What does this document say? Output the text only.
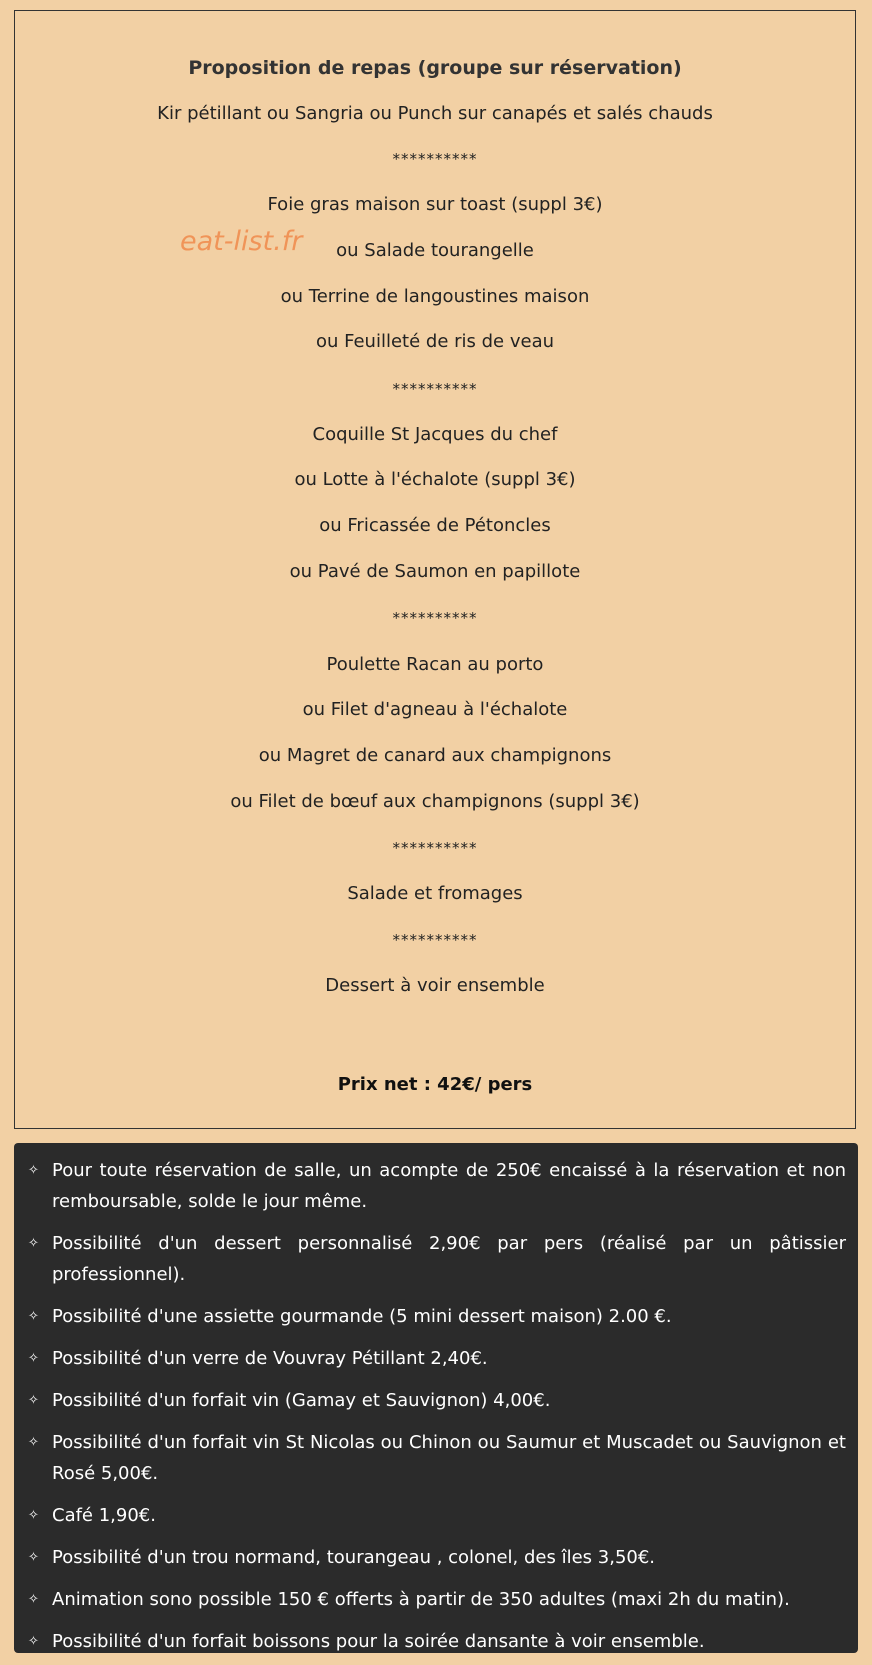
Proposition de repas (groupe sur réservation)
Kir pétillant ou Sangria ou Punch sur canapés et salés chauds
**********
Foie gras maison sur toast (suppl 3€)
ou Salade tourangelle
ou Terrine de langoustines maison
ou Feuilleté de ris de veau
**********
Coquille St Jacques du chef
ou Lotte à l'échalote (suppl 3€)
ou Fricassée de Pétoncles
ou Pavé de Saumon en papillote
**********
Poulette Racan au porto
ou Filet d'agneau à l'échalote
ou Magret de canard aux champignons
ou Filet de bœuf aux champignons (suppl 3€)
**********
Salade et fromages
**********
Dessert à voir ensemble
Prix net : 42€/ pers
eat-list.fr
✧ Pour toute réservation de salle, un acompte de 250€ encaissé à la réservation et non remboursable, solde le jour même.
✧ Possibilité d'un dessert personnalisé 2,90€ par pers (réalisé par un pâtissier professionnel).
✧ Possibilité d'une assiette gourmande (5 mini dessert maison) 2.00 €.
✧ Possibilité d'un verre de Vouvray Pétillant 2,40€.
✧ Possibilité d'un forfait vin (Gamay et Sauvignon) 4,00€.
✧ Possibilité d'un forfait vin St Nicolas ou Chinon ou Saumur et Muscadet ou Sauvignon et Rosé 5,00€.
✧ Café 1,90€.
✧ Possibilité d'un trou normand, tourangeau , colonel, des îles 3,50€.
✧ Animation sono possible 150 € offerts à partir de 350 adultes (maxi 2h du matin).
✧ Possibilité d'un forfait boissons pour la soirée dansante à voir ensemble.
